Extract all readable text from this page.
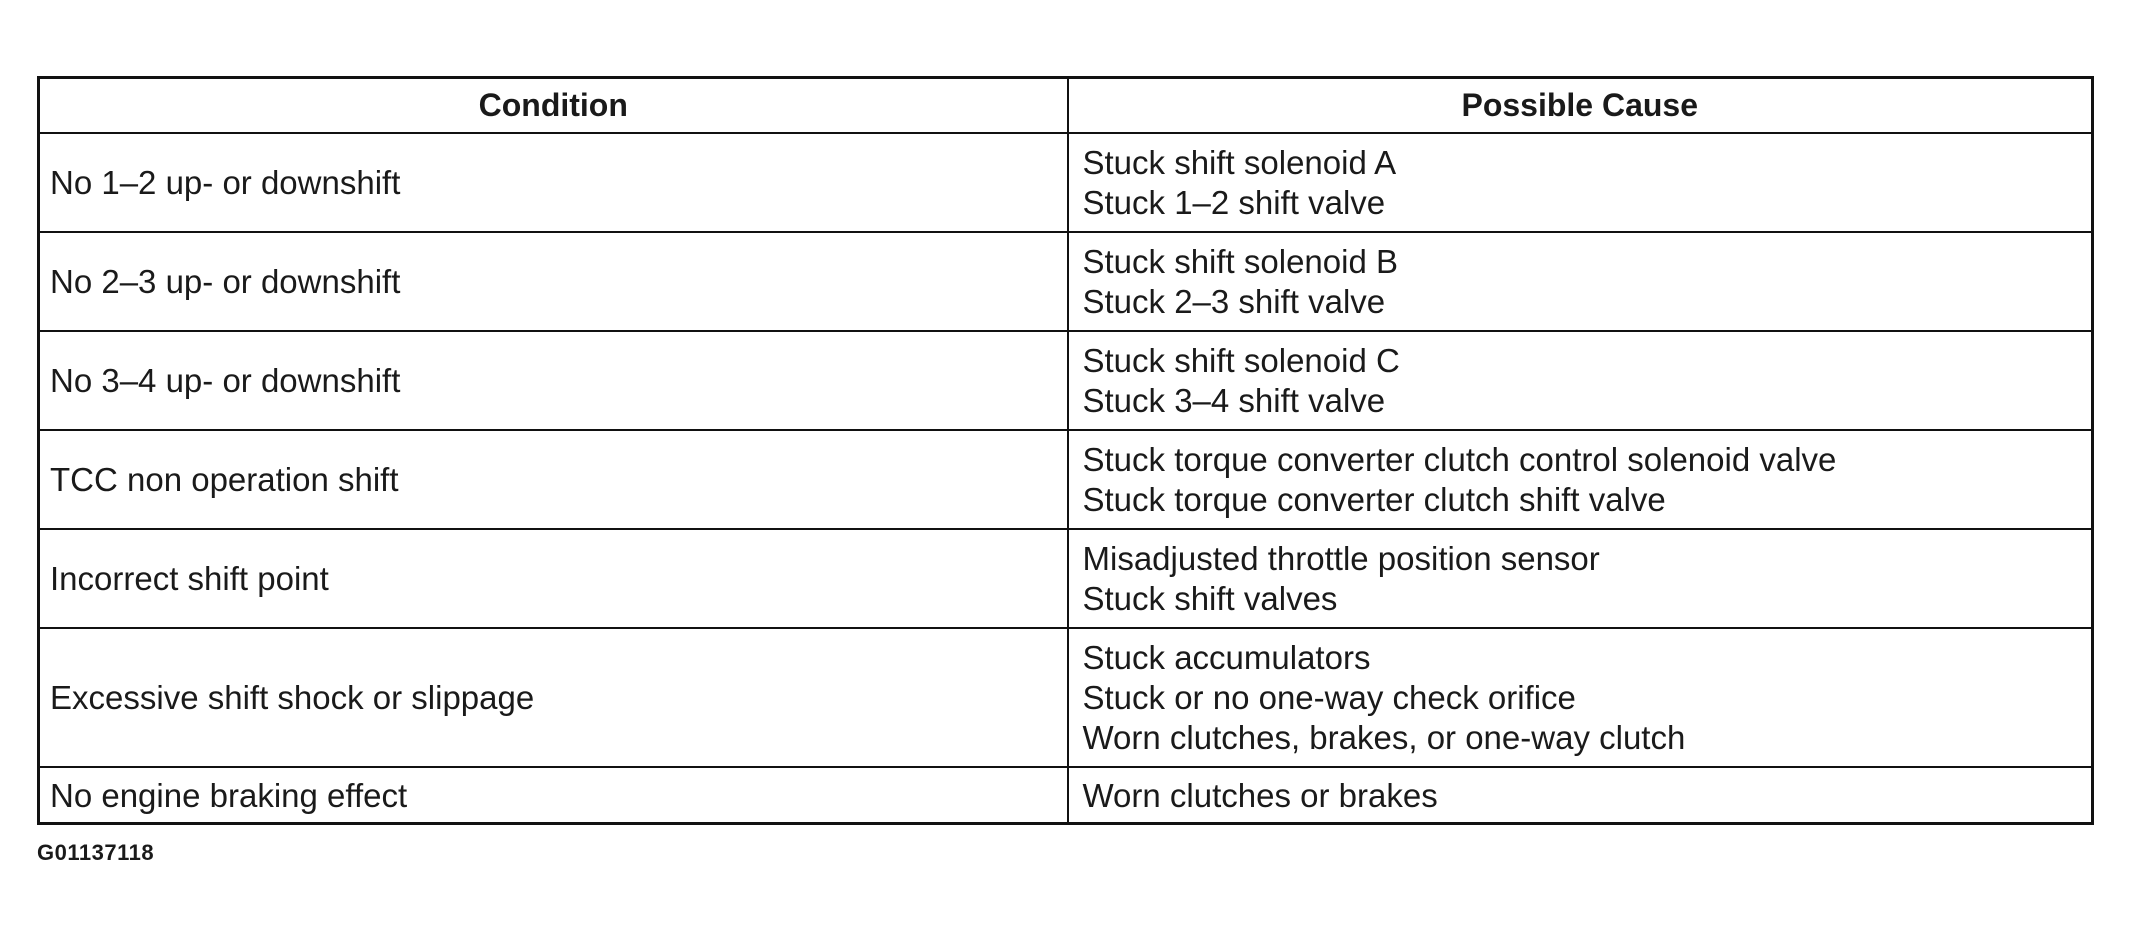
Condition	Possible Cause
No 1–2 up- or downshift	Stuck shift solenoid A
Stuck 1–2 shift valve

No 2–3 up- or downshift	Stuck shift solenoid B
Stuck 2–3 shift valve

No 3–4 up- or downshift	Stuck shift solenoid C
Stuck 3–4 shift valve

TCC non operation shift	Stuck torque converter clutch control solenoid valve
Stuck torque converter clutch shift valve

Incorrect shift point	Misadjusted throttle position sensor
Stuck shift valves

Excessive shift shock or slippage	Stuck accumulators
Stuck or no one-way check orifice
Worn clutches, brakes, or one-way clutch

No engine braking effect	Worn clutches or brakes
G01137118
